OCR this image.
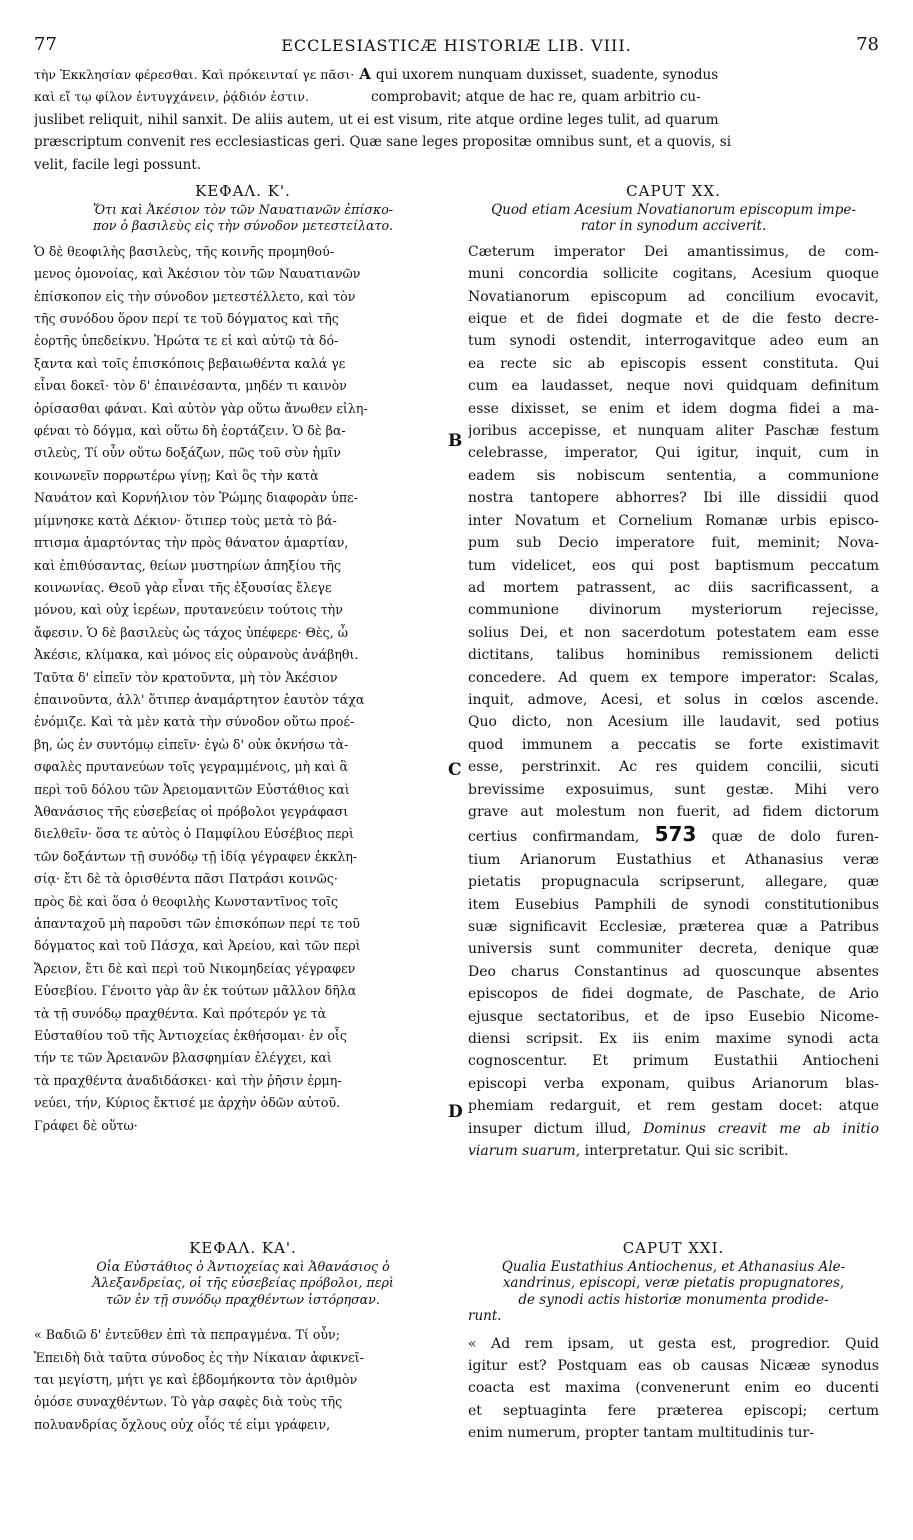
77	ECCLESIASTICÆ HISTORIÆ LIB. VIII.	78
τὴν Ἐκκλησίαν φέρεσθαι. Καὶ πρόκεινταί γε πᾶσι· A qui uxorem nunquam duxisset, suadente, synodus
καὶ εἴ τῳ φίλον ἐντυγχάνειν, ῥᾴδιόν ἐστιν.	comprobavit; atque de hac re, quam arbitrio cu-
juslibet reliquit, nihil sanxit. De aliis autem, ut ei est visum, rite atque ordine leges tulit, ad quarum
præscriptum convenit res ecclesiasticas geri. Quæ sane leges propositæ omnibus sunt, et a quovis, si
velit, facile legi possunt.
B
C
D
ΚΕΦΑΛ. Κ'.
Ὅτι καὶ Ἀκέσιον τὸν τῶν Ναυατιανῶν ἐπίσκο-
πον ὁ βασιλεὺς εἰς τὴν σύνοδον μετεστείλατο.
Ὁ δὲ θεοφιλὴς βασιλεὺς, τῆς κοινῆς προμηθού-
μενος ὁμονοίας, καὶ Ἀκέσιον τὸν τῶν Ναυατιανῶν
ἐπίσκοπον εἰς τὴν σύνοδον μετεστέλλετο, καὶ τὸν
τῆς συνόδου ὅρον περί τε τοῦ δόγματος καὶ τῆς
ἑορτῆς ὑπεδείκνυ. Ἠρώτα τε εἰ καὶ αὐτῷ τὰ δό-
ξαντα καὶ τοῖς ἐπισκόποις βεβαιωθέντα καλά γε
εἶναι δοκεῖ· τὸν δ' ἐπαινέσαντα, μηδέν τι καινὸν
ὁρίσασθαι φάναι. Καὶ αὐτὸν γὰρ οὕτω ἄνωθεν εἰλη-
φέναι τὸ δόγμα, καὶ οὕτω δὴ ἑορτάζειν. Ὁ δὲ βα-
σιλεὺς, Τί οὖν οὕτω δοξάζων, πῶς τοῦ σὺν ἡμῖν
κοινωνεῖν πορρωτέρω γίνῃ; Καὶ ὃς τὴν κατὰ
Ναυάτον καὶ Κορνήλιον τὸν Ῥώμης διαφορὰν ὑπε-
μίμνησκε κατὰ Δέκιον· ὅτιπερ τοὺς μετὰ τὸ βά-
πτισμα ἁμαρτόντας τὴν πρὸς θάνατον ἁμαρτίαν,
καὶ ἐπιθύσαντας, θείων μυστηρίων ἀπηξίου τῆς
κοινωνίας. Θεοῦ γὰρ εἶναι τῆς ἐξουσίας ἔλεγε
μόνου, καὶ οὐχ ἱερέων, πρυτανεύειν τούτοις τὴν
ἄφεσιν. Ὁ δὲ βασιλεὺς ὡς τάχος ὑπέφερε· Θὲς, ὦ
Ἀκέσιε, κλίμακα, καὶ μόνος εἰς οὐρανοὺς ἀνάβηθι.
Ταῦτα δ' εἰπεῖν τὸν κρατοῦντα, μὴ τὸν Ἀκέσιον
ἐπαινοῦντα, ἀλλ' ὅτιπερ ἀναμάρτητον ἑαυτὸν τάχα
ἐνόμιζε. Καὶ τὰ μὲν κατὰ τὴν σύνοδον οὕτω προέ-
βη, ὡς ἐν συντόμῳ εἰπεῖν· ἐγὼ δ' οὐκ ὀκνήσω τὰ-
σφαλὲς πρυτανεύων τοῖς γεγραμμένοις, μὴ καὶ ἃ
περὶ τοῦ δόλου τῶν Ἀρειομανιτῶν Εὐστάθιος καὶ
Ἀθανάσιος τῆς εὐσεβείας οἱ πρόβολοι γεγράφασι
διελθεῖν· ὅσα τε αὐτὸς ὁ Παμφίλου Εὐσέβιος περὶ
τῶν δοξάντων τῇ συνόδῳ τῇ ἰδίᾳ γέγραφεν ἐκκλη-
σίᾳ· ἔτι δὲ τὰ ὁρισθέντα πᾶσι Πατράσι κοινῶς·
πρὸς δὲ καὶ ὅσα ὁ θεοφιλὴς Κωνσταντῖνος τοῖς
ἁπανταχοῦ μὴ παροῦσι τῶν ἐπισκόπων περί τε τοῦ
δόγματος καὶ τοῦ Πάσχα, καὶ Ἀρείου, καὶ τῶν περὶ
Ἄρειον, ἔτι δὲ καὶ περὶ τοῦ Νικομηδείας γέγραφεν
Εὐσεβίου. Γένοιτο γὰρ ἂν ἐκ τούτων μᾶλλον δῆλα
τὰ τῇ συνόδῳ πραχθέντα. Καὶ πρότερόν γε τὰ
Εὐσταθίου τοῦ τῆς Ἀντιοχείας ἐκθήσομαι· ἐν οἷς
τήν τε τῶν Ἀρειανῶν βλασφημίαν ἐλέγχει, καὶ
τὰ πραχθέντα ἀναδιδάσκει· καὶ τὴν ῥῆσιν ἑρμη-
νεύει, τήν, Κύριος ἔκτισέ με ἀρχὴν ὁδῶν αὐτοῦ.
Γράφει δὲ οὕτω·
ΚΕΦΑΛ. ΚΑ'.
Οἷα Εὐστάθιος ὁ Ἀντιοχείας καὶ Ἀθανάσιος ὁ
Ἀλεξανδρείας, οἱ τῆς εὐσεβείας πρόβολοι, περὶ
τῶν ἐν τῇ συνόδῳ πραχθέντων ἱστόρησαν.
« Βαδιῶ δ' ἐντεῦθεν ἐπὶ τὰ πεπραγμένα. Τί οὖν;
Ἐπειδὴ διὰ ταῦτα σύνοδος ἐς τὴν Νίκαιαν ἀφικνεῖ-
ται μεγίστη, μήτι γε καὶ ἑβδομήκοντα τὸν ἀριθμὸν
ὁμόσε συναχθέντων. Τὸ γὰρ σαφὲς διὰ τοὺς τῆς
πολυανδρίας ὄχλους οὐχ οἷός τέ εἰμι γράφειν,
CAPUT XX.
Quod etiam Acesium Novatianorum episcopum impe-
rator in synodum acciverit.
Cæterum imperator Dei amantissimus, de com-
muni concordia sollicite cogitans, Acesium quoque
Novatianorum episcopum ad concilium evocavit,
eique et de fidei dogmate et de die festo decre-
tum synodi ostendit, interrogavitque adeo eum an
ea recte sic ab episcopis essent constituta. Qui
cum ea laudasset, neque novi quidquam definitum
esse dixisset, se enim et idem dogma fidei a ma-
joribus accepisse, et nunquam aliter Paschæ festum
celebrasse, imperator, Qui igitur, inquit, cum in
eadem sis nobiscum sententia, a communione
nostra tantopere abhorres? Ibi ille dissidii quod
inter Novatum et Cornelium Romanæ urbis episco-
pum sub Decio imperatore fuit, meminit; Nova-
tum videlicet, eos qui post baptismum peccatum
ad mortem patrassent, ac diis sacrificassent, a
communione divinorum mysteriorum rejecisse,
solius Dei, et non sacerdotum potestatem eam esse
dictitans, talibus hominibus remissionem delicti
concedere. Ad quem ex tempore imperator: Scalas,
inquit, admove, Acesi, et solus in cœlos ascende.
Quo dicto, non Acesium ille laudavit, sed potius
quod immunem a peccatis se forte existimavit
esse, perstrinxit. Ac res quidem concilii, sicuti
brevissime exposuimus, sunt gestæ. Mihi vero
grave aut molestum non fuerit, ad fidem dictorum
certius confirmandam, 573 quæ de dolo furen-
tium Arianorum Eustathius et Athanasius veræ
pietatis propugnacula scripserunt, allegare, quæ
item Eusebius Pamphili de synodi constitutionibus
suæ significavit Ecclesiæ, præterea quæ a Patribus
universis sunt communiter decreta, denique quæ
Deo charus Constantinus ad quoscunque absentes
episcopos de fidei dogmate, de Paschate, de Ario
ejusque sectatoribus, et de ipso Eusebio Nicome-
diensi scripsit. Ex iis enim maxime synodi acta
cognoscentur. Et primum Eustathii Antiocheni
episcopi verba exponam, quibus Arianorum blas-
phemiam redarguit, et rem gestam docet: atque
insuper dictum illud, Dominus creavit me ab initio
viarum suarum, interpretatur. Qui sic scribit.
CAPUT XXI.
Qualia Eustathius Antiochenus, et Athanasius Ale-
xandrinus, episcopi, veræ pietatis propugnatores,
de synodi actis historiæ monumenta prodide-
runt.
« Ad rem ipsam, ut gesta est, progredior. Quid
igitur est? Postquam eas ob causas Nicææ synodus
coacta est maxima (convenerunt enim eo ducenti
et septuaginta fere præterea episcopi; certum
enim numerum, propter tantam multitudinis tur-
